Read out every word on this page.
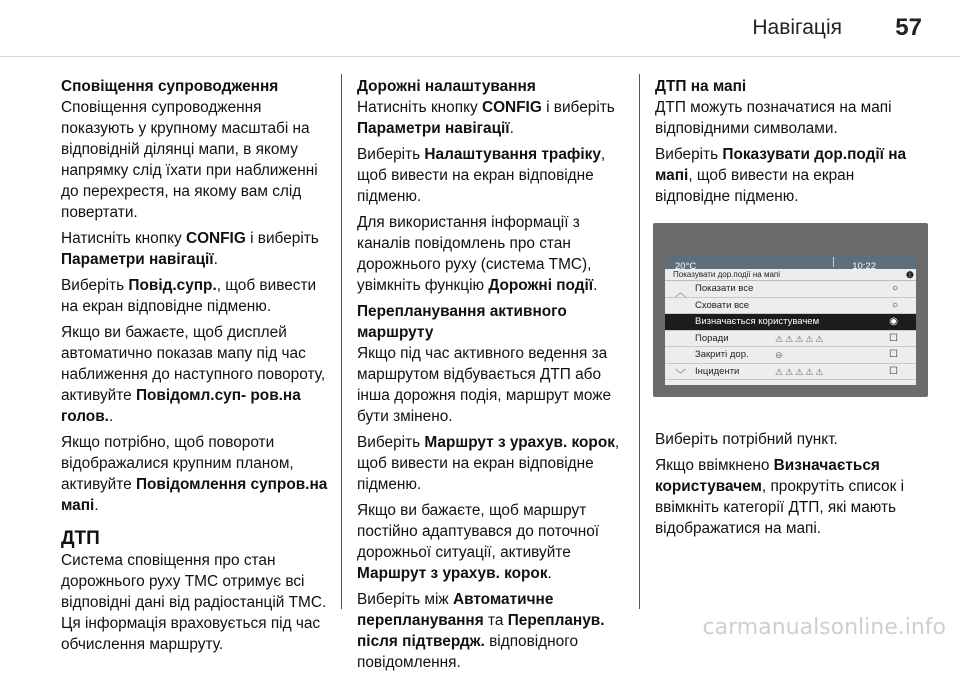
Навігація 57

Сповіщення супроводження

Сповіщення супроводження показують у крупному масштабі на відповідній ділянці мапи, в якому напрямку слід їхати при наближенні до перехрестя, на якому вам слід повертати.

Натисніть кнопку CONFIG і виберіть Параметри навігації.

Виберіть Повід.супр., щоб вивести на екран відповідне підменю.

Якщо ви бажаєте, щоб дисплей автоматично показав мапу під час наближення до наступного повороту, активуйте Повідомл.суп- ров.на голов..

Якщо потрібно, щоб повороти відображалися крупним планом, активуйте Повідомлення супров.на мапі.

ДТП

Система сповіщення про стан дорожнього руху TMC отримує всі відповідні дані від радіостанцій TMC. Ця інформація враховується під час обчислення маршруту.

Дорожні налаштування

Натисніть кнопку CONFIG і виберіть Параметри навігації.

Виберіть Налаштування трафіку, щоб вивести на екран відповідне підменю.

Для використання інформації з каналів повідомлень про стан дорожнього руху (система TMC), увімкніть функцію Дорожні події.

Перепланування активного маршруту

Якщо під час активного ведення за маршрутом відбувається ДТП або інша дорожня подія, маршрут може бути змінено.

Виберіть Маршрут з урахув. корок, щоб вивести на екран відповідне підменю.

Якщо ви бажаєте, щоб маршрут постійно адаптувався до поточної дорожньої ситуації, активуйте Маршрут з урахув. корок.

Виберіть між Автоматичне перепланування та Перепланув. після підтвердж. відповідного повідомлення.

ДТП на мапі

ДТП можуть позначатися на мапі відповідними символами.

Виберіть Показувати дор.події на мапі, щоб вивести на екран відповідне підменю.

20°C	10:22
Показувати дор.події на мапі	❶
︿
﹀
Показати все	○
Сховати все	○
Визначається користувачем	◉
Поради	⚠⚠⚠⚠⚠	☐
Закриті дор.	⊖	☐
Інциденти	⚠⚠⚠⚠⚠	☐

Виберіть потрібний пункт.

Якщо ввімкнено Визначається користувачем, прокрутіть список і ввімкніть категорії ДТП, які мають відображатися на мапі.

carmanualsonline.info
